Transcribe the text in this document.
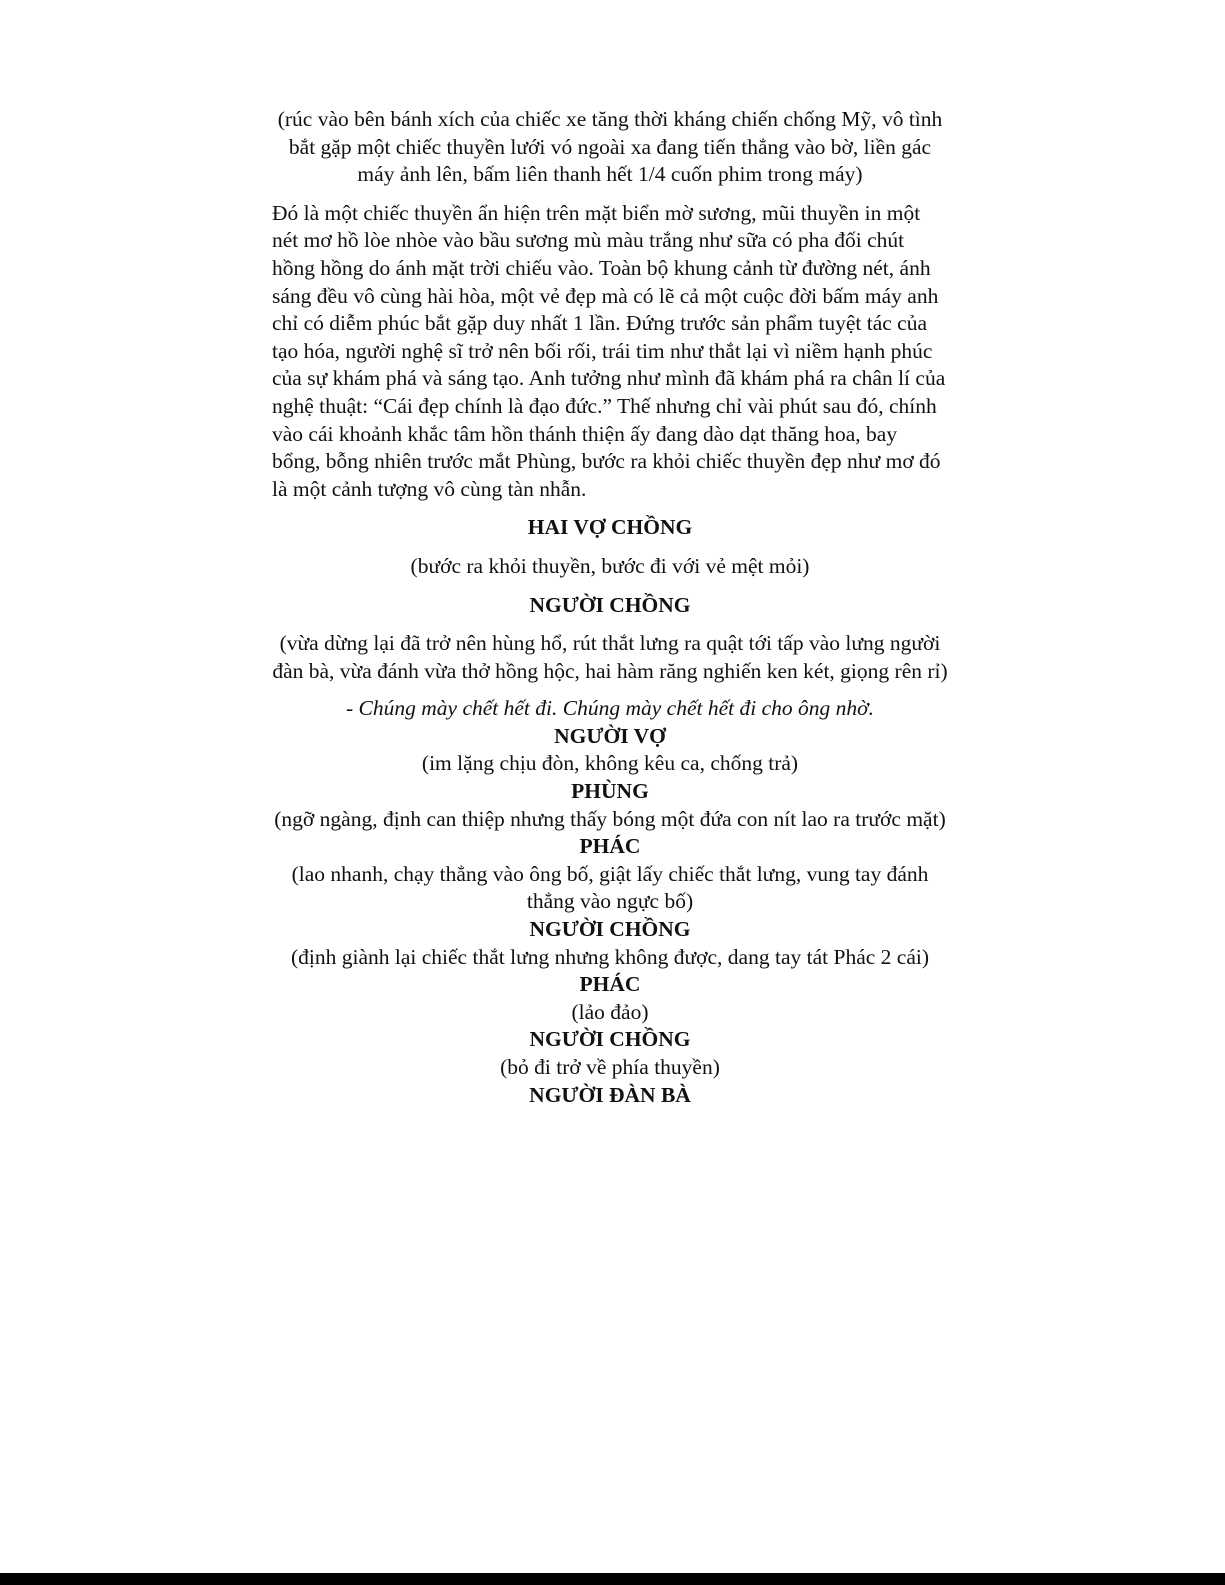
(rúc vào bên bánh xích của chiếc xe tăng thời kháng chiến chống Mỹ, vô tình bắt gặp một chiếc thuyền lưới vó ngoài xa đang tiến thẳng vào bờ, liền gác máy ảnh lên, bấm liên thanh hết 1/4 cuốn phim trong máy)

Đó là một chiếc thuyền ẩn hiện trên mặt biển mờ sương, mũi thuyền in một nét mơ hồ lòe nhòe vào bầu sương mù màu trắng như sữa có pha đối chút hồng hồng do ánh mặt trời chiếu vào. Toàn bộ khung cảnh từ đường nét, ánh sáng đều vô cùng hài hòa, một vẻ đẹp mà có lẽ cả một cuộc đời bấm máy anh chỉ có diễm phúc bắt gặp duy nhất 1 lần. Đứng trước sản phẩm tuyệt tác của tạo hóa, người nghệ sĩ trở nên bối rối, trái tim như thắt lại vì niềm hạnh phúc của sự khám phá và sáng tạo. Anh tưởng như mình đã khám phá ra chân lí của nghệ thuật: “Cái đẹp chính là đạo đức.” Thế nhưng chỉ vài phút sau đó, chính vào cái khoảnh khắc tâm hồn thánh thiện ấy đang dào dạt thăng hoa, bay bổng, bỗng nhiên trước mắt Phùng, bước ra khỏi chiếc thuyền đẹp như mơ đó là một cảnh tượng vô cùng tàn nhẫn.

HAI VỢ CHỒNG

(bước ra khỏi thuyền, bước đi với vẻ mệt mỏi)

NGƯỜI CHỒNG

(vừa dừng lại đã trở nên hùng hổ, rút thắt lưng ra quật tới tấp vào lưng người đàn bà, vừa đánh vừa thở hồng hộc, hai hàm răng nghiến ken két, giọng rên rỉ)

- Chúng mày chết hết đi. Chúng mày chết hết đi cho ông nhờ.

NGƯỜI VỢ

(im lặng chịu đòn, không kêu ca, chống trả)

PHÙNG

(ngỡ ngàng, định can thiệp nhưng thấy bóng một đứa con nít lao ra trước mặt)

PHÁC

(lao nhanh, chạy thẳng vào ông bố, giật lấy chiếc thắt lưng, vung tay đánh thẳng vào ngực bố)

NGƯỜI CHỒNG

(định giành lại chiếc thắt lưng nhưng không được, dang tay tát Phác 2 cái)

PHÁC

(lảo đảo)

NGƯỜI CHỒNG

(bỏ đi trở về phía thuyền)

NGƯỜI ĐÀN BÀ
